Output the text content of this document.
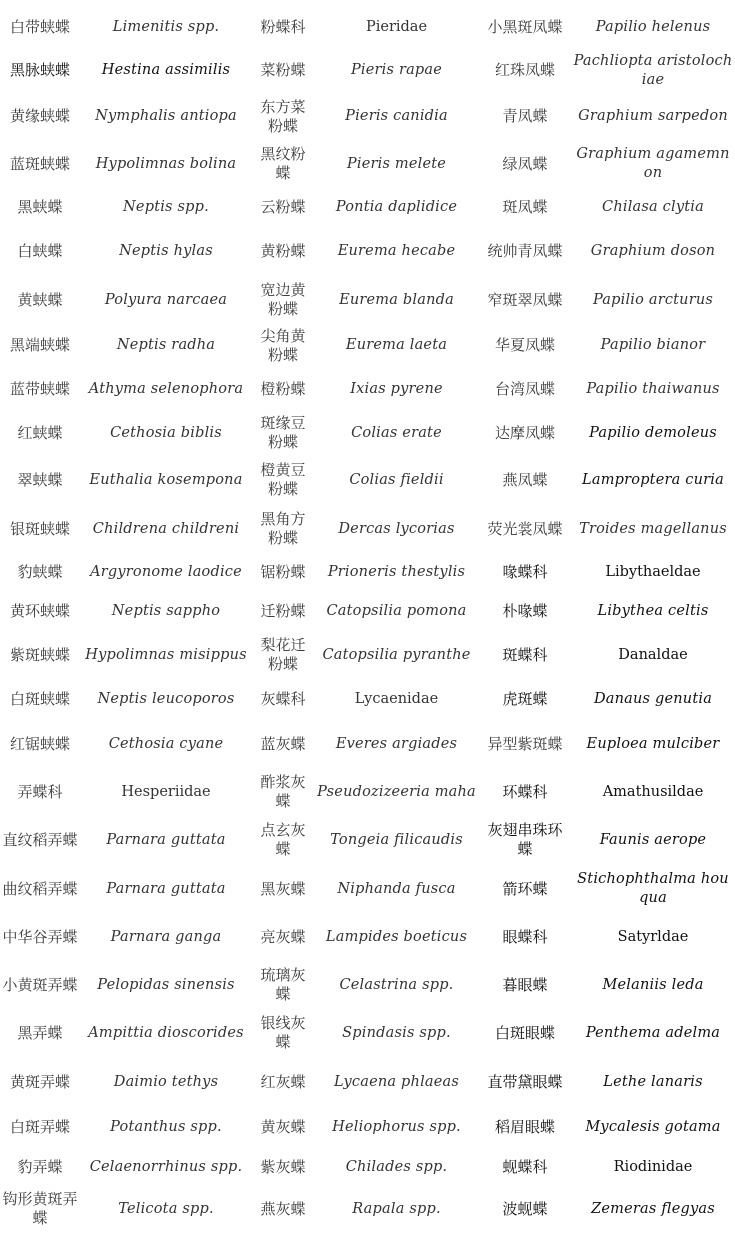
白带蛱蝶	Limenitis spp.	粉蝶科	Pieridae	小黑斑凤蝶	Papilio helenus
黑脉蛱蝶	Hestina assimilis	菜粉蝶	Pieris rapae	红珠凤蝶	Pachliopta aristolochiae
黄缘蛱蝶	Nymphalis antiopa	东方菜粉蝶	Pieris canidia	青凤蝶	Graphium sarpedon
蓝斑蛱蝶	Hypolimnas bolina	黑纹粉蝶	Pieris melete	绿凤蝶	Graphium agamemnon
黑蛱蝶	Neptis spp.	云粉蝶	Pontia daplidice	斑凤蝶	Chilasa clytia
白蛱蝶	Neptis hylas	黄粉蝶	Eurema hecabe	统帅青凤蝶	Graphium doson
黄蛱蝶	Polyura narcaea	宽边黄粉蝶	Eurema blanda	窄斑翠凤蝶	Papilio arcturus
黑端蛱蝶	Neptis radha	尖角黄粉蝶	Eurema laeta	华夏凤蝶	Papilio bianor
蓝带蛱蝶	Athyma selenophora	橙粉蝶	Ixias pyrene	台湾凤蝶	Papilio thaiwanus
红蛱蝶	Cethosia biblis	斑缘豆粉蝶	Colias erate	达摩凤蝶	Papilio demoleus
翠蛱蝶	Euthalia kosempona	橙黄豆粉蝶	Colias fieldii	燕凤蝶	Lamproptera curia
银斑蛱蝶	Childrena childreni	黑角方粉蝶	Dercas lycorias	荧光裳凤蝶	Troides magellanus
豹蛱蝶	Argyronome laodice	锯粉蝶	Prioneris thestylis	喙蝶科	Libythaeldae
黄环蛱蝶	Neptis sappho	迁粉蝶	Catopsilia pomona	朴喙蝶	Libythea celtis
紫斑蛱蝶	Hypolimnas misippus	梨花迁粉蝶	Catopsilia pyranthe	斑蝶科	Danaldae
白斑蛱蝶	Neptis leucoporos	灰蝶科	Lycaenidae	虎斑蝶	Danaus genutia
红锯蛱蝶	Cethosia cyane	蓝灰蝶	Everes argiades	异型紫斑蝶	Euploea mulciber
弄蝶科	Hesperiidae	酢浆灰蝶	Pseudozizeeria maha	环蝶科	Amathusildae
直纹稻弄蝶	Parnara guttata	点玄灰蝶	Tongeia filicaudis	灰翅串珠环蝶	Faunis aerope
曲纹稻弄蝶	Parnara guttata	黑灰蝶	Niphanda fusca	箭环蝶	Stichophthalma houqua
中华谷弄蝶	Parnara ganga	亮灰蝶	Lampides boeticus	眼蝶科	Satyrldae
小黄斑弄蝶	Pelopidas sinensis	琉璃灰蝶	Celastrina spp.	暮眼蝶	Melaniis leda
黑弄蝶	Ampittia dioscorides	银线灰蝶	Spindasis spp.	白斑眼蝶	Penthema adelma
黄斑弄蝶	Daimio tethys	红灰蝶	Lycaena phlaeas	直带黛眼蝶	Lethe lanaris
白斑弄蝶	Potanthus spp.	黄灰蝶	Heliophorus spp.	稻眉眼蝶	Mycalesis gotama
豹弄蝶	Celaenorrhinus spp.	紫灰蝶	Chilades spp.	蚬蝶科	Riodinidae
钩形黄斑弄蝶	Telicota spp.	燕灰蝶	Rapala spp.	波蚬蝶	Zemeras flegyas
